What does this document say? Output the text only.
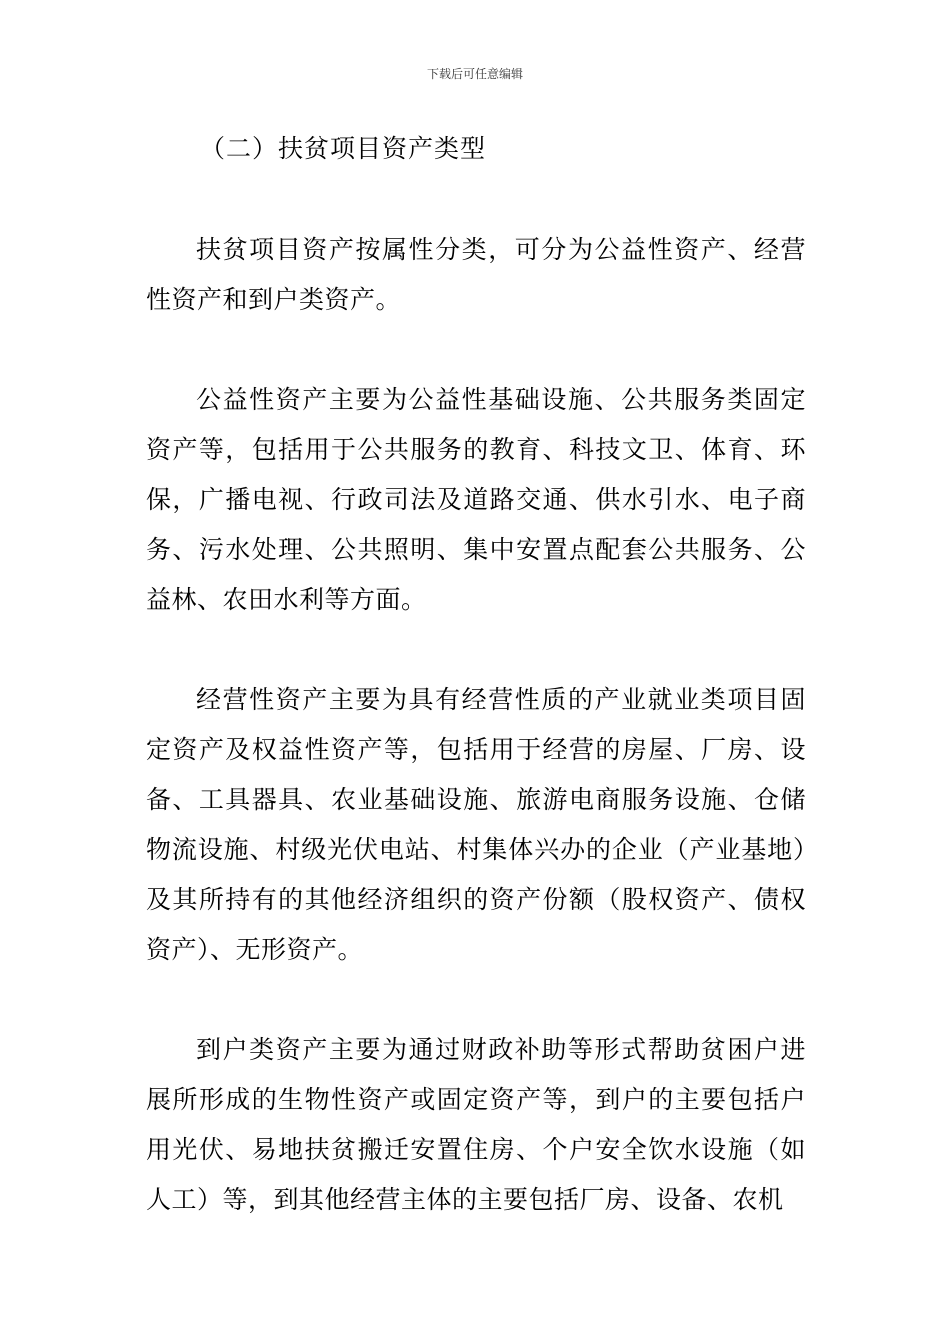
下载后可任意编辑
（二）扶贫项目资产类型

扶贫项目资产按属性分类，可分为公益性资产、经营性资产和到户类资产。

公益性资产主要为公益性基础设施、公共服务类固定资产等，包括用于公共服务的教育、科技文卫、体育、环保，广播电视、行政司法及道路交通、供水引水、电子商务、污水处理、公共照明、集中安置点配套公共服务、公益林、农田水利等方面。

经营性资产主要为具有经营性质的产业就业类项目固定资产及权益性资产等，包括用于经营的房屋、厂房、设备、工具器具、农业基础设施、旅游电商服务设施、仓储物流设施、村级光伏电站、村集体兴办的企业（产业基地）及其所持有的其他经济组织的资产份额（股权资产、债权资产）、无形资产。

到户类资产主要为通过财政补助等形式帮助贫困户进展所形成的生物性资产或固定资产等，到户的主要包括户用光伏、易地扶贫搬迁安置住房、个户安全饮水设施（如人工）等，到其他经营主体的主要包括厂房、设备、农机
